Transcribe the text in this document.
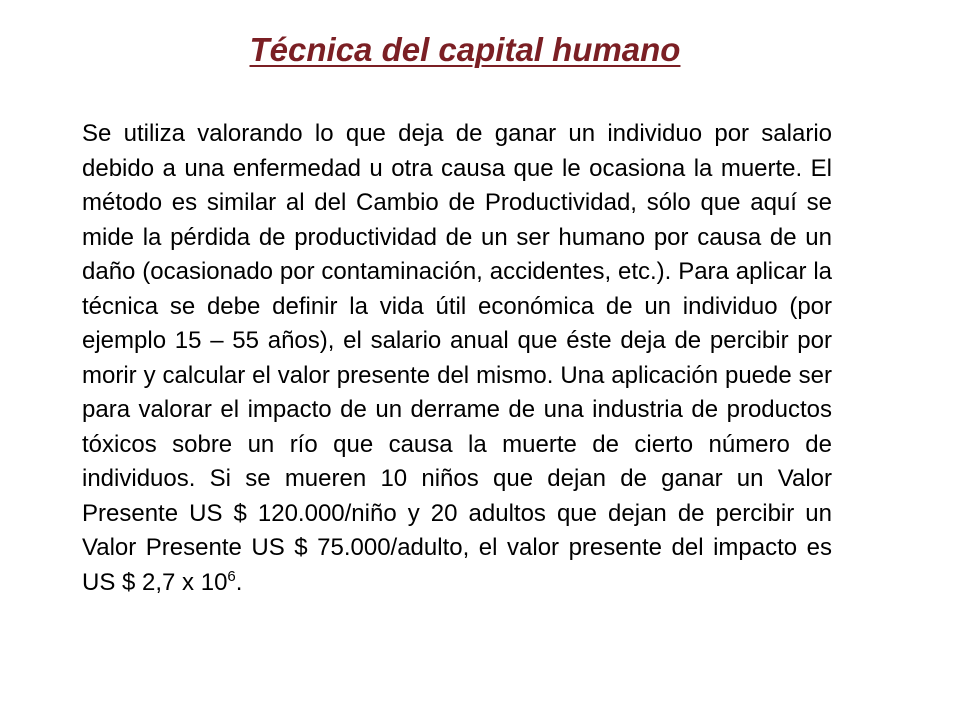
Técnica del capital humano

Se utiliza valorando lo que deja de ganar un individuo por salario debido a una enfermedad u otra causa que le ocasiona la muerte. El método es similar al del Cambio de Productividad, sólo que aquí se mide la pérdida de productividad de un ser humano por causa de un daño (ocasionado por contaminación, accidentes, etc.). Para aplicar la técnica se debe definir la vida útil económica de un individuo (por ejemplo 15 – 55 años), el salario anual que éste deja de percibir por morir y calcular el valor presente del mismo. Una aplicación puede ser para valorar el impacto de un derrame de una industria de productos tóxicos sobre un río que causa la muerte de cierto número de individuos. Si se mueren 10 niños que dejan de ganar un Valor Presente US $ 120.000/niño y 20 adultos que dejan de percibir un Valor Presente US $ 75.000/adulto, el valor presente del impacto es US $ 2,7 x $10^6$.
